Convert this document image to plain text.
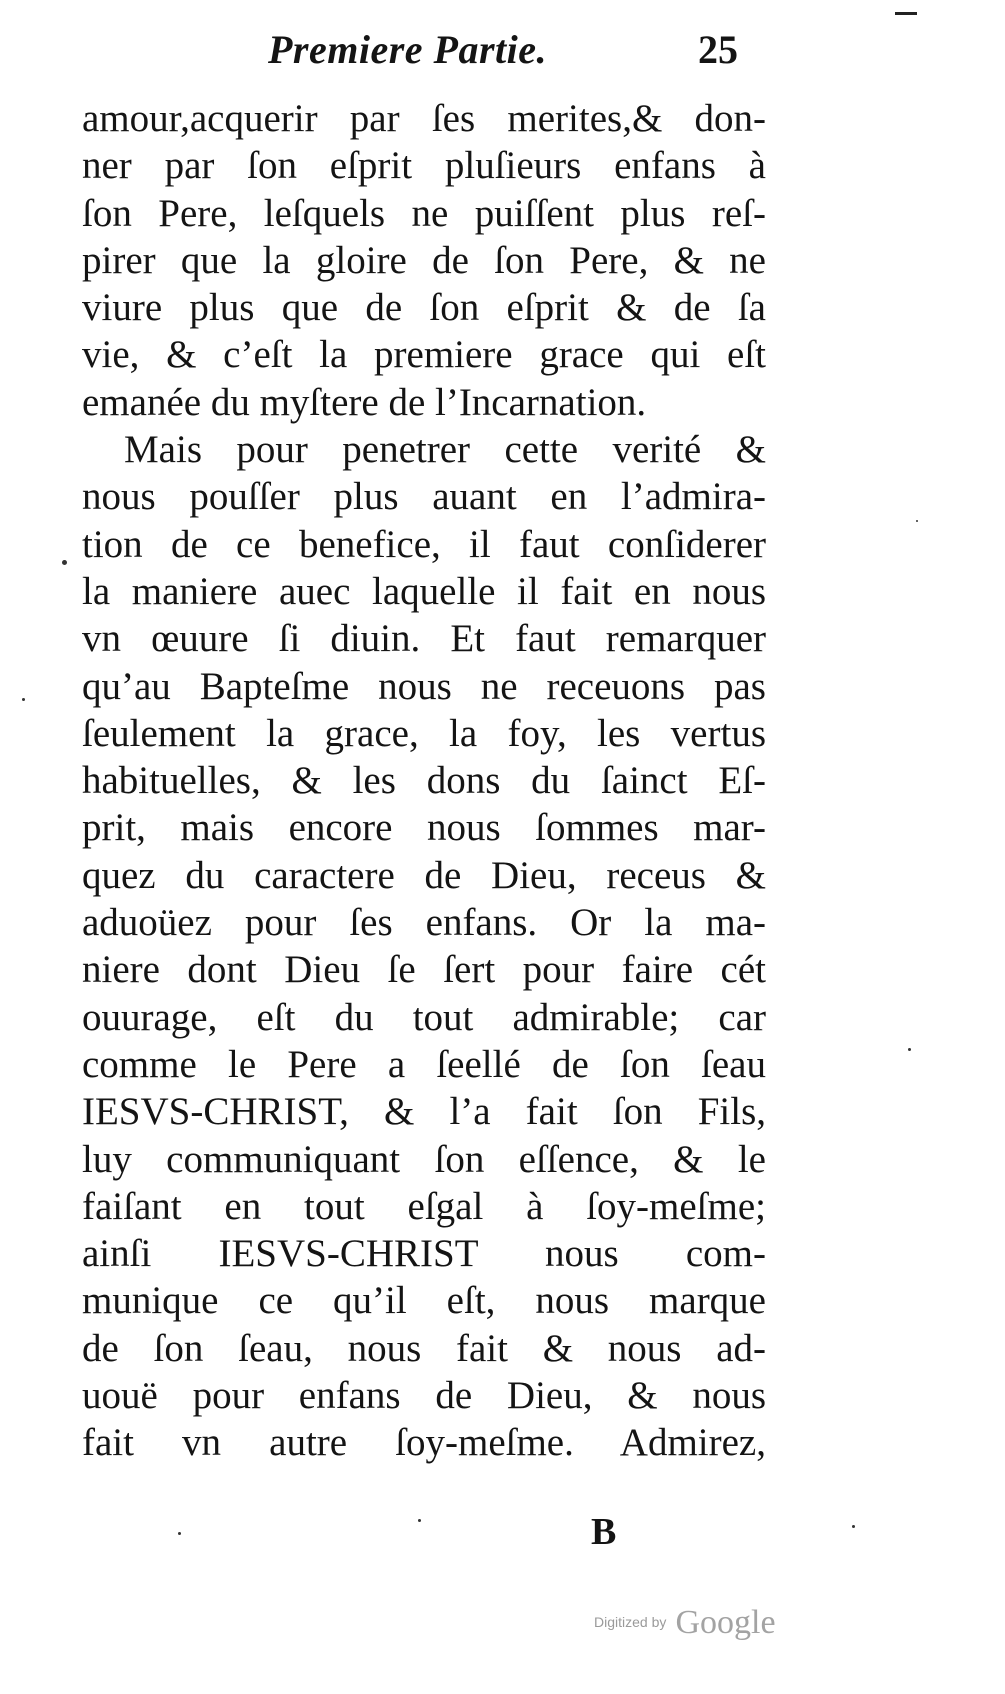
Premiere Partie.	25
amour,acquerir par ſes merites,& don-
ner par ſon eſprit pluſieurs enfans à
ſon Pere, leſquels ne puiſſent plus reſ-
pirer que la gloire de ſon Pere, & ne
viure plus que de ſon eſprit & de ſa
vie, & c’eſt la premiere grace qui eſt
emanée du myſtere de l’Incarnation.
Mais pour penetrer cette verité &
nous pouſſer plus auant en l’admira-
tion de ce benefice, il faut conſiderer
la maniere auec laquelle il fait en nous
vn œuure ſi diuin. Et faut remarquer
qu’au Bapteſme nous ne receuons pas
ſeulement la grace, la foy, les vertus
habituelles, & les dons du ſainct Eſ-
prit, mais encore nous ſommes mar-
quez du caractere de Dieu, receus &
aduoüez pour ſes enfans. Or la ma-
niere dont Dieu ſe ſert pour faire cét
ouurage, eſt du tout admirable; car
comme le Pere a ſeellé de ſon ſeau
IESVS-CHRIST, & l’a fait ſon Fils,
luy communiquant ſon eſſence, & le
faiſant en tout eſgal à ſoy-meſme;
ainſi IESVS-CHRIST nous com-
munique ce qu’il eſt, nous marque
de ſon ſeau, nous fait & nous ad-
uouë pour enfans de Dieu, & nous
fait vn autre ſoy-meſme. Admirez,
B
Digitized by Google
